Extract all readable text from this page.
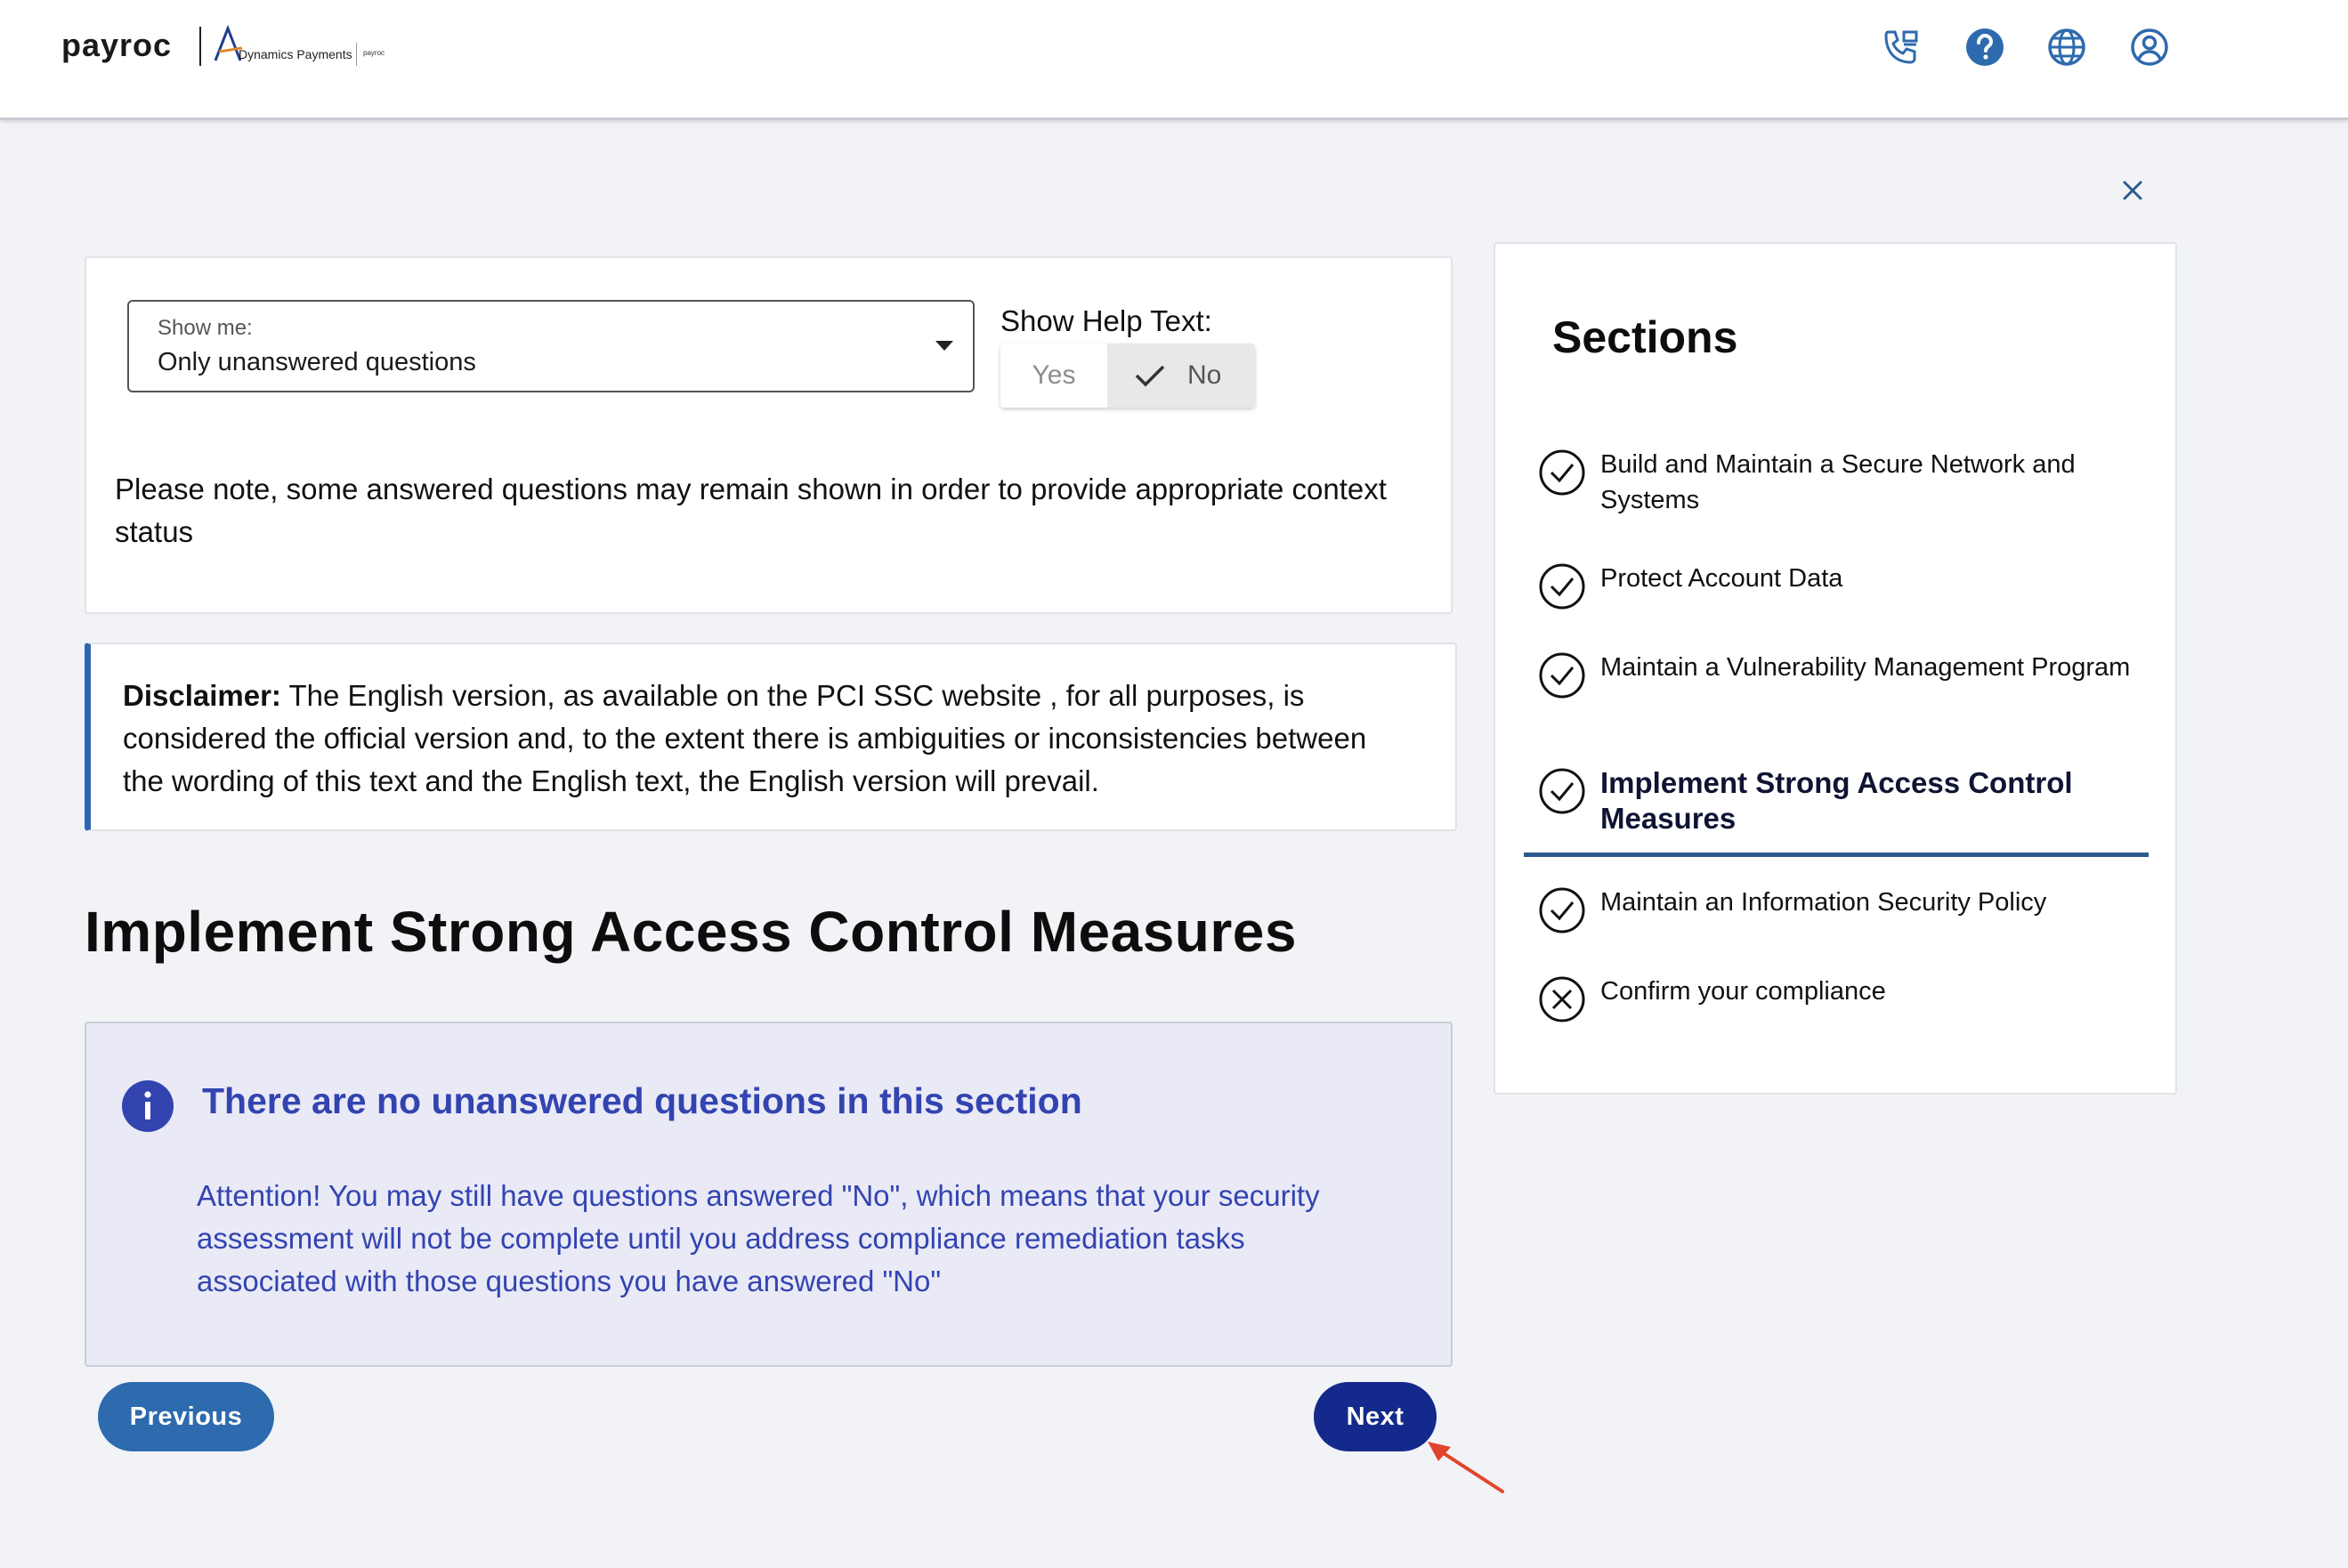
payroc	Dynamics Payments payroc
Show me:
Only unanswered questions
Show Help Text:
Yes	No
Please note, some answered questions may remain shown in order to provide appropriate context status

Disclaimer: The English version, as available on the PCI SSC website , for all purposes, is considered the official version and, to the extent there is ambiguities or inconsistencies between the wording of this text and the English text, the English version will prevail.

Implement Strong Access Control Measures
There are no unanswered questions in this section
Attention! You may still have questions answered "No", which means that your security assessment will not be complete until you address compliance remediation tasks associated with those questions you have answered "No"
Previous	Next
Sections
Build and Maintain a Secure Network and Systems
Protect Account Data
Maintain a Vulnerability Management Program
Implement Strong Access Control Measures
Maintain an Information Security Policy
Confirm your compliance
